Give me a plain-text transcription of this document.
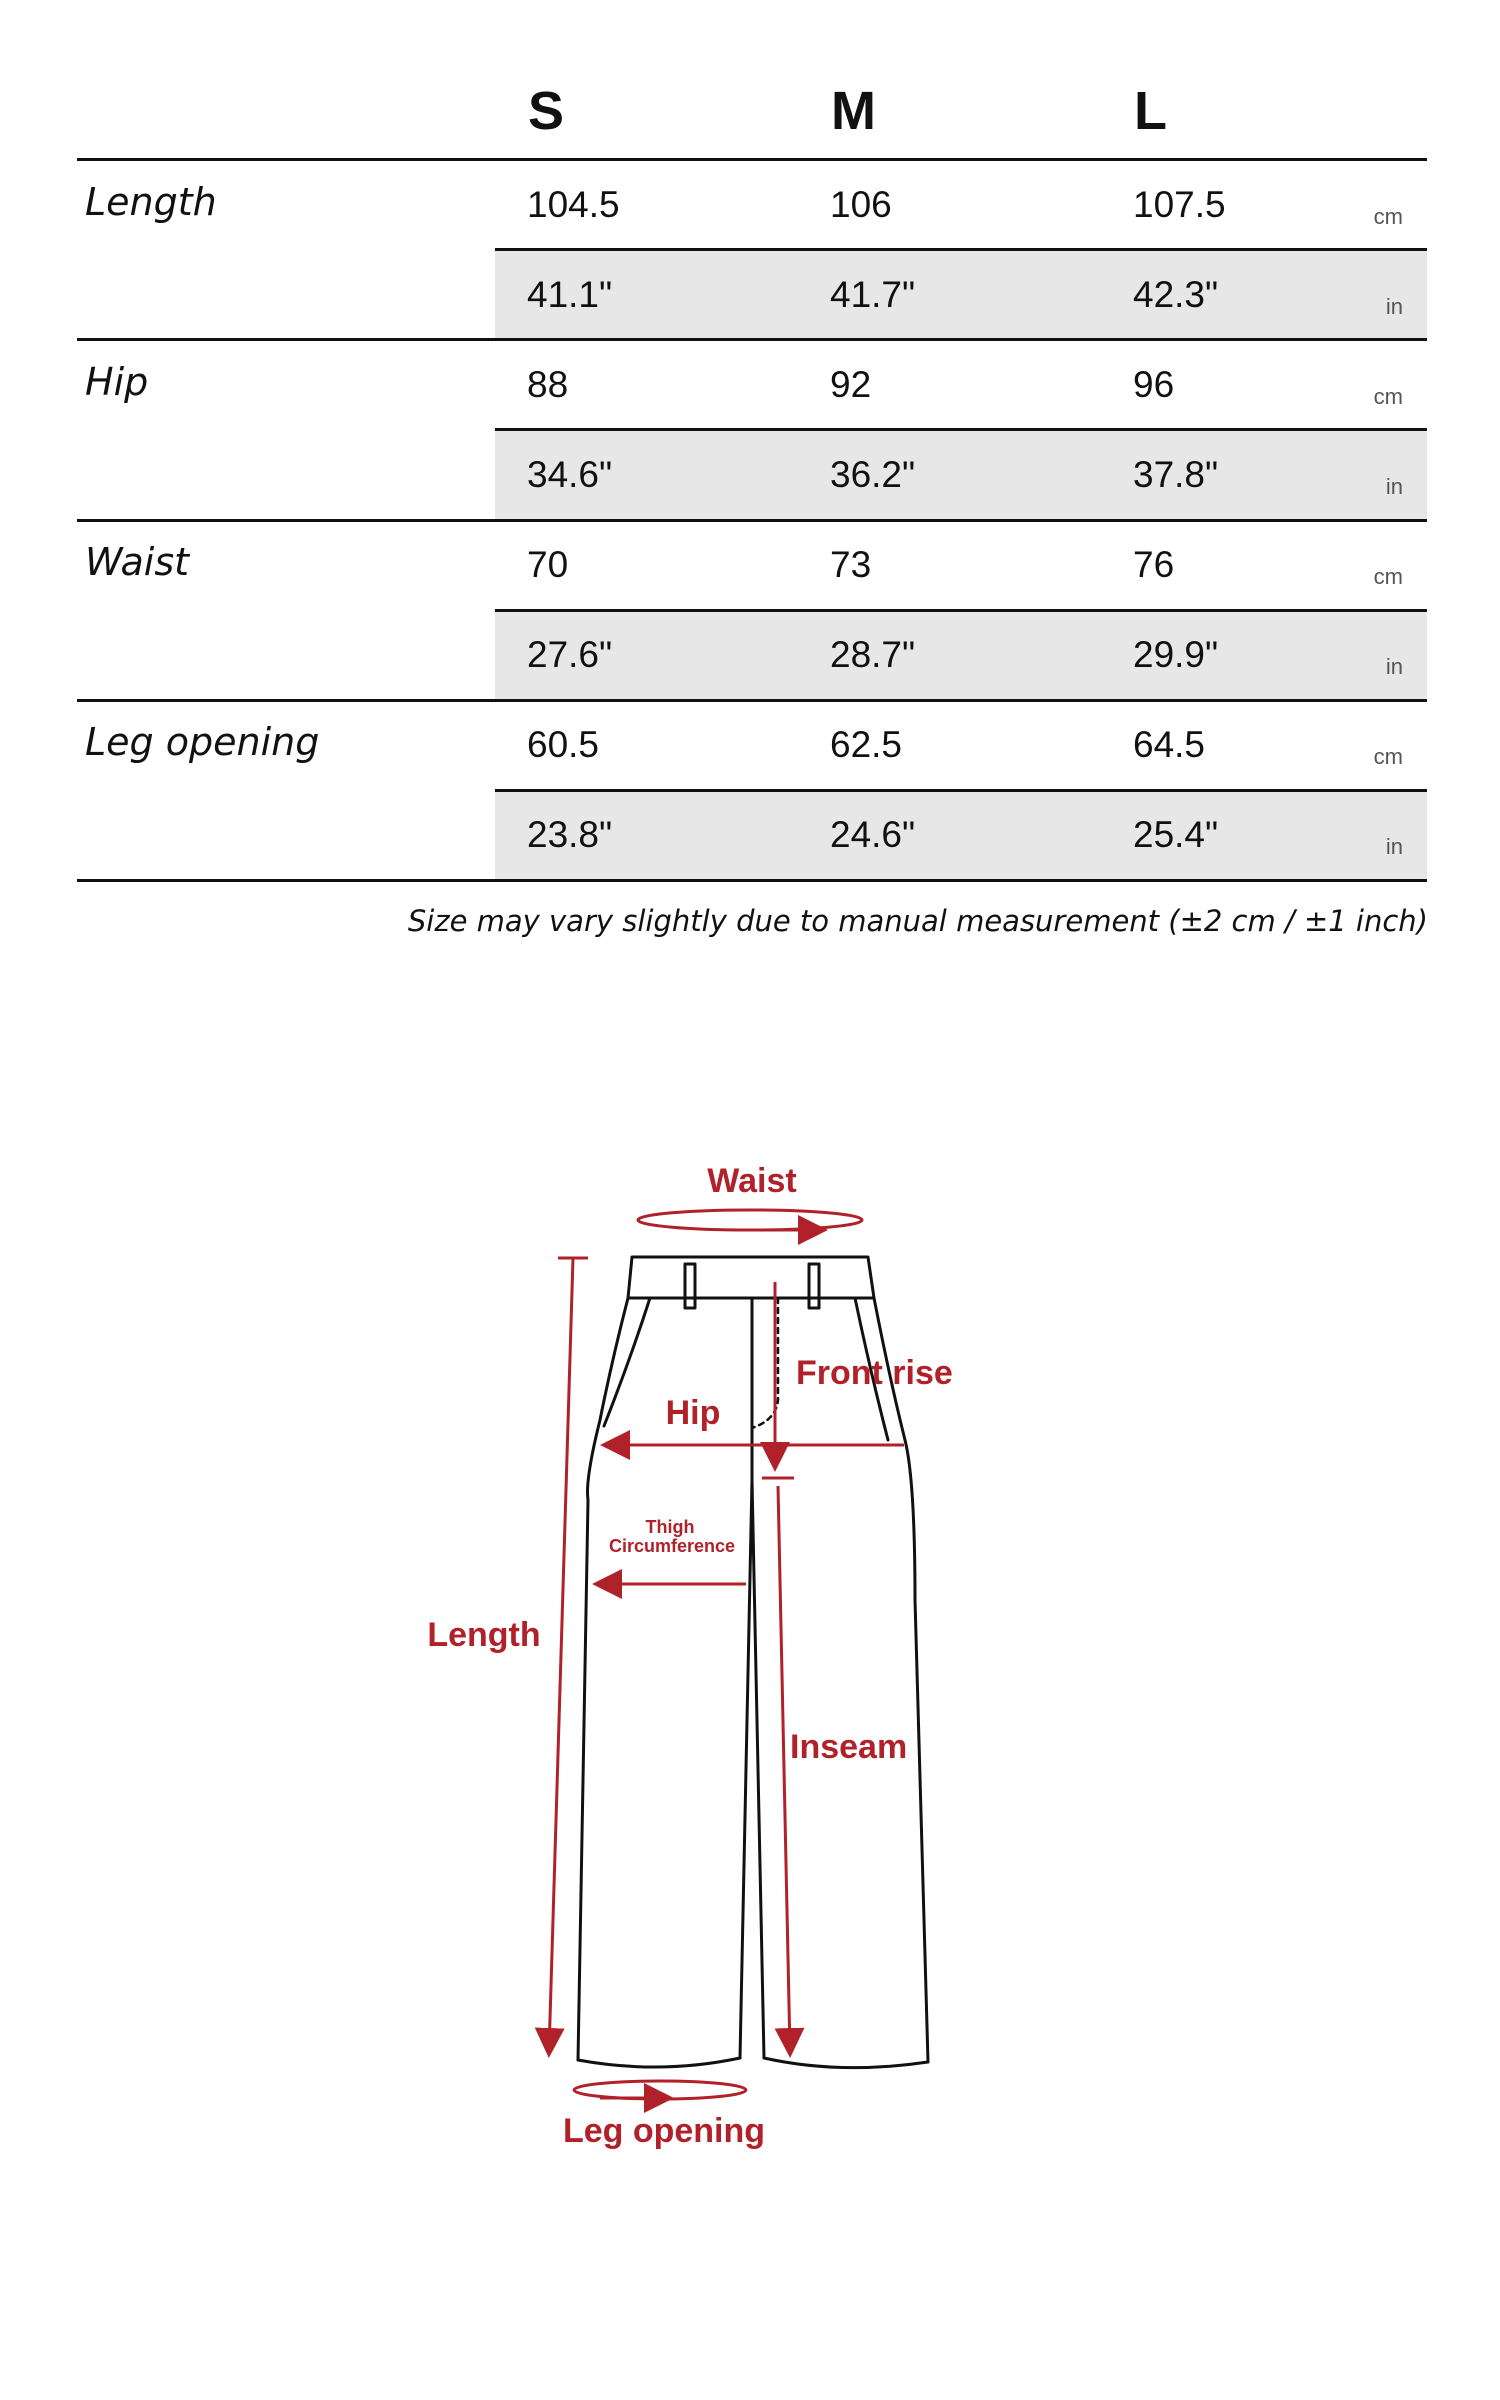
S	M	L
Length	104.5	106	107.5	cm
41.1"	41.7"	42.3"	in
Hip	88	92	96	cm
34.6"	36.2"	37.8"	in
Waist	70	73	76	cm
27.6"	28.7"	29.9"	in
Leg opening	60.5	62.5	64.5	cm
23.8"	24.6"	25.4"	in
Size may vary slightly due to manual measurement (±2 cm / ±1 inch)
Waist
Front rise
Hip
Thigh
Circumference
Length
Inseam
Leg opening
